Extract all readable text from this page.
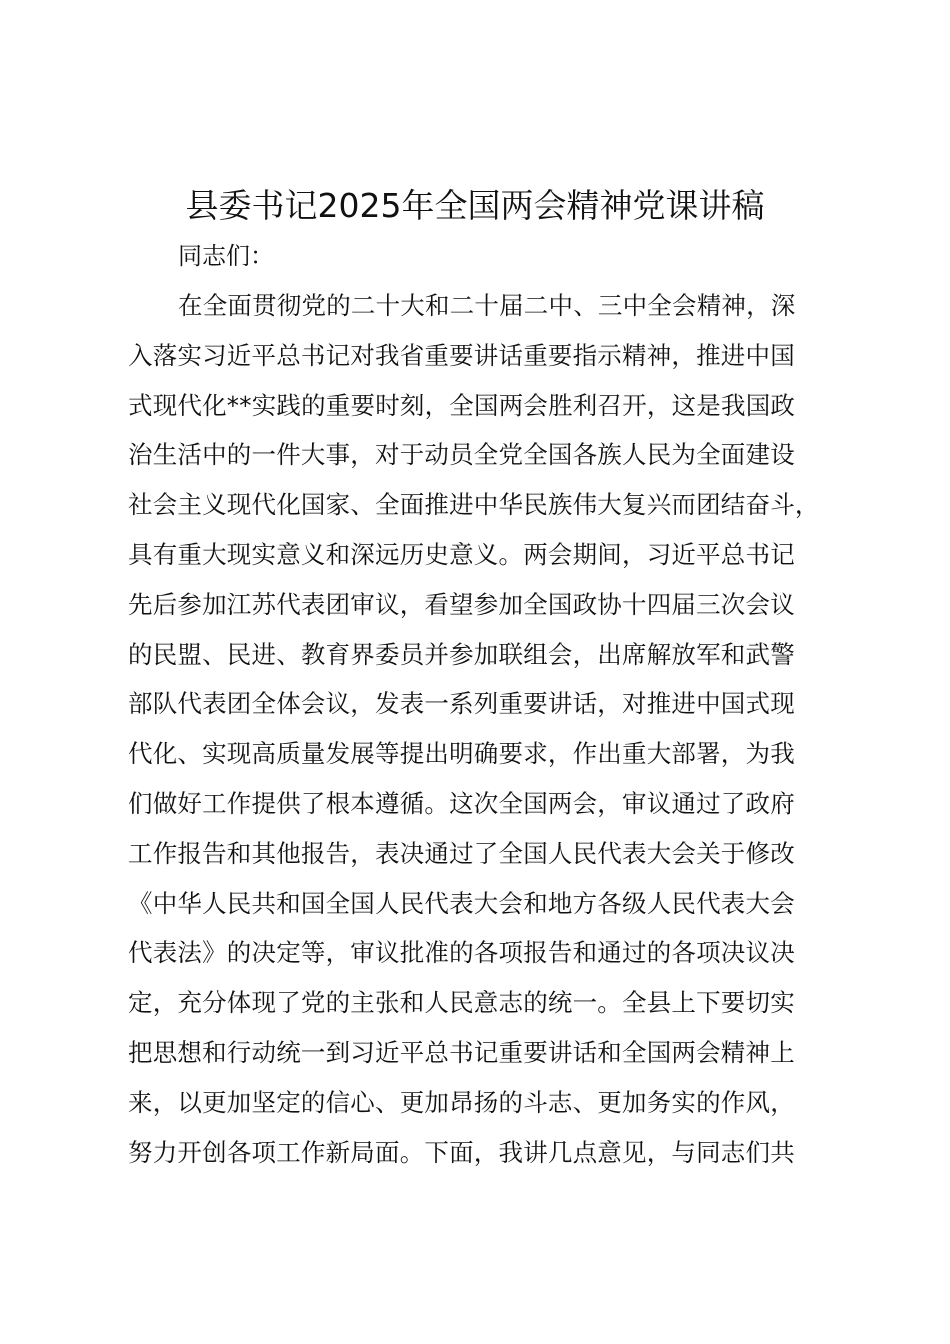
县委书记2025年全国两会精神党课讲稿
同志们：
在全面贯彻党的二十大和二十届二中、三中全会精神，深
入落实习近平总书记对我省重要讲话重要指示精神，推进中国
式现代化**实践的重要时刻，全国两会胜利召开，这是我国政
治生活中的一件大事，对于动员全党全国各族人民为全面建设
社会主义现代化国家、全面推进中华民族伟大复兴而团结奋斗，
具有重大现实意义和深远历史意义。两会期间，习近平总书记
先后参加江苏代表团审议，看望参加全国政协十四届三次会议
的民盟、民进、教育界委员并参加联组会，出席解放军和武警
部队代表团全体会议，发表一系列重要讲话，对推进中国式现
代化、实现高质量发展等提出明确要求，作出重大部署，为我
们做好工作提供了根本遵循。这次全国两会，审议通过了政府
工作报告和其他报告，表决通过了全国人民代表大会关于修改
《中华人民共和国全国人民代表大会和地方各级人民代表大会
代表法》的决定等，审议批准的各项报告和通过的各项决议决
定，充分体现了党的主张和人民意志的统一。全县上下要切实
把思想和行动统一到习近平总书记重要讲话和全国两会精神上
来，以更加坚定的信心、更加昂扬的斗志、更加务实的作风，
努力开创各项工作新局面。下面，我讲几点意见，与同志们共
